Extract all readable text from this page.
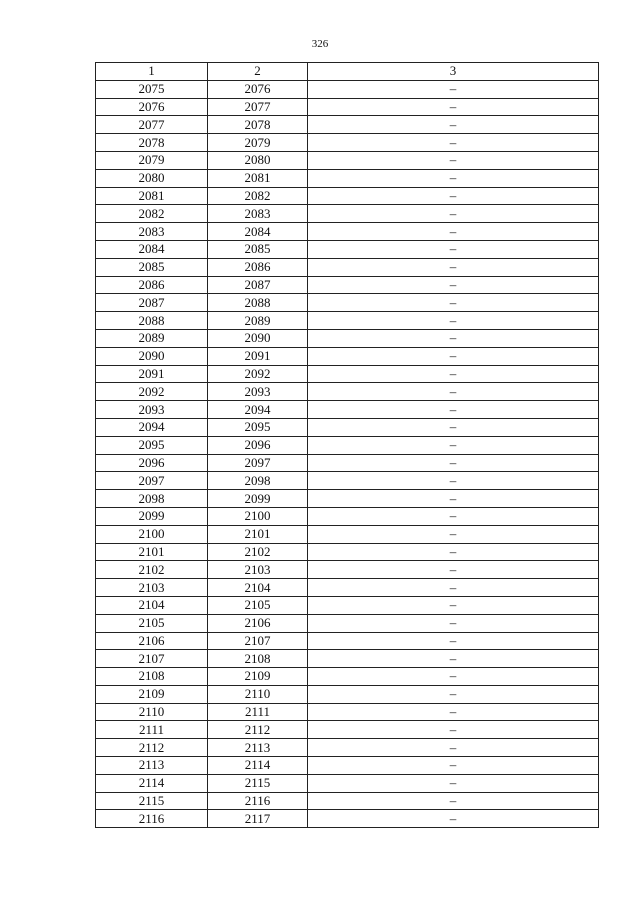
326
1	2	3
2075	2076	–
2076	2077	–
2077	2078	–
2078	2079	–
2079	2080	–
2080	2081	–
2081	2082	–
2082	2083	–
2083	2084	–
2084	2085	–
2085	2086	–
2086	2087	–
2087	2088	–
2088	2089	–
2089	2090	–
2090	2091	–
2091	2092	–
2092	2093	–
2093	2094	–
2094	2095	–
2095	2096	–
2096	2097	–
2097	2098	–
2098	2099	–
2099	2100	–
2100	2101	–
2101	2102	–
2102	2103	–
2103	2104	–
2104	2105	–
2105	2106	–
2106	2107	–
2107	2108	–
2108	2109	–
2109	2110	–
2110	2111	–
2111	2112	–
2112	2113	–
2113	2114	–
2114	2115	–
2115	2116	–
2116	2117	–
